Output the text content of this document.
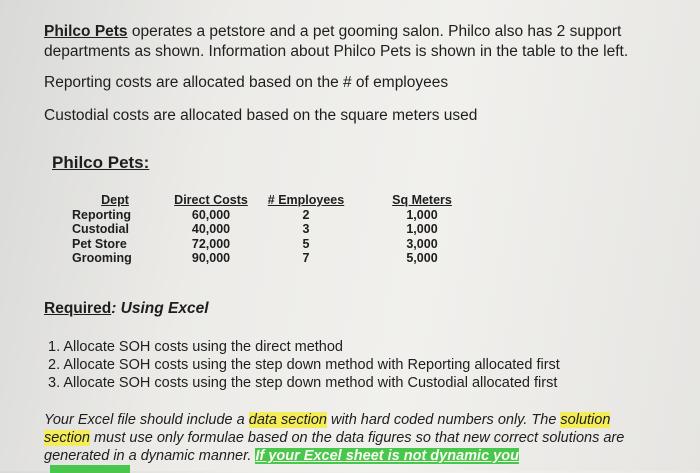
Philco Pets operates a petstore and a pet gooming salon. Philco also has 2 support departments as shown. Information about Philco Pets is shown in the table to the left.
Reporting costs are allocated based on the # of employees
Custodial costs are allocated based on the square meters used
Philco Pets:
Dept	Direct Costs	# Employees	Sq Meters
Reporting	60,000	2	1,000
Custodial	40,000	3	1,000
Pet Store	72,000	5	3,000
Grooming	90,000	7	5,000
Required: Using Excel
1. Allocate SOH costs using the direct method
2. Allocate SOH costs using the step down method with Reporting allocated first
3. Allocate SOH costs using the step down method with Custodial allocated first
Your Excel file should include a data section with hard coded numbers only. The solution section must use only formulae based on the data figures so that new correct solutions are generated in a dynamic manner. If your Excel sheet is not dynamic you
